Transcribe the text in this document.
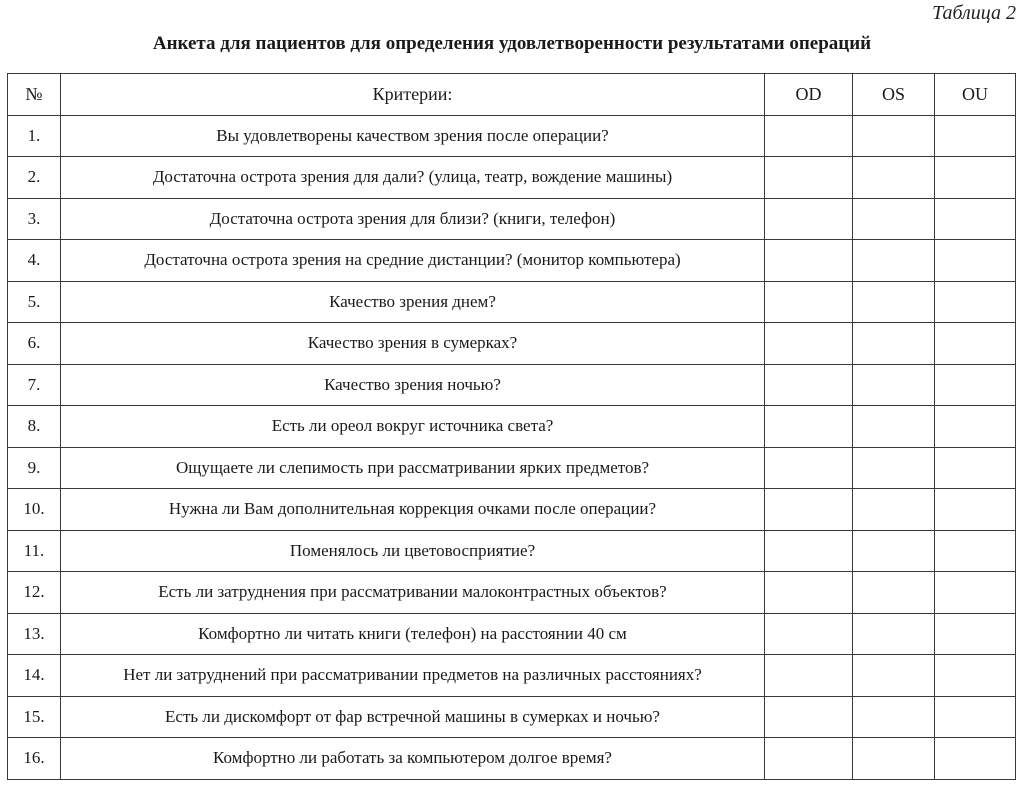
Таблица 2
Анкета для пациентов для определения удовлетворенности результатами операций
№	Критерии:	OD	OS	OU
1.	Вы удовлетворены качеством зрения после операции?			
2.	Достаточна острота зрения для дали? (улица, театр, вождение машины)			
3.	Достаточна острота зрения для близи? (книги, телефон)			
4.	Достаточна острота зрения на средние дистанции? (монитор компьютера)			
5.	Качество зрения днем?			
6.	Качество зрения в сумерках?			
7.	Качество зрения ночью?			
8.	Есть ли ореол вокруг источника света?			
9.	Ощущаете ли слепимость при рассматривании ярких предметов?			
10.	Нужна ли Вам дополнительная коррекция очками после операции?			
11.	Поменялось ли цветовосприятие?			
12.	Есть ли затруднения при рассматривании малоконтрастных объектов?			
13.	Комфортно ли читать книги (телефон) на расстоянии 40 см			
14.	Нет ли затруднений при рассматривании предметов на различных расстояниях?			
15.	Есть ли дискомфорт от фар встречной машины в сумерках и ночью?			
16.	Комфортно ли работать за компьютером долгое время?			
